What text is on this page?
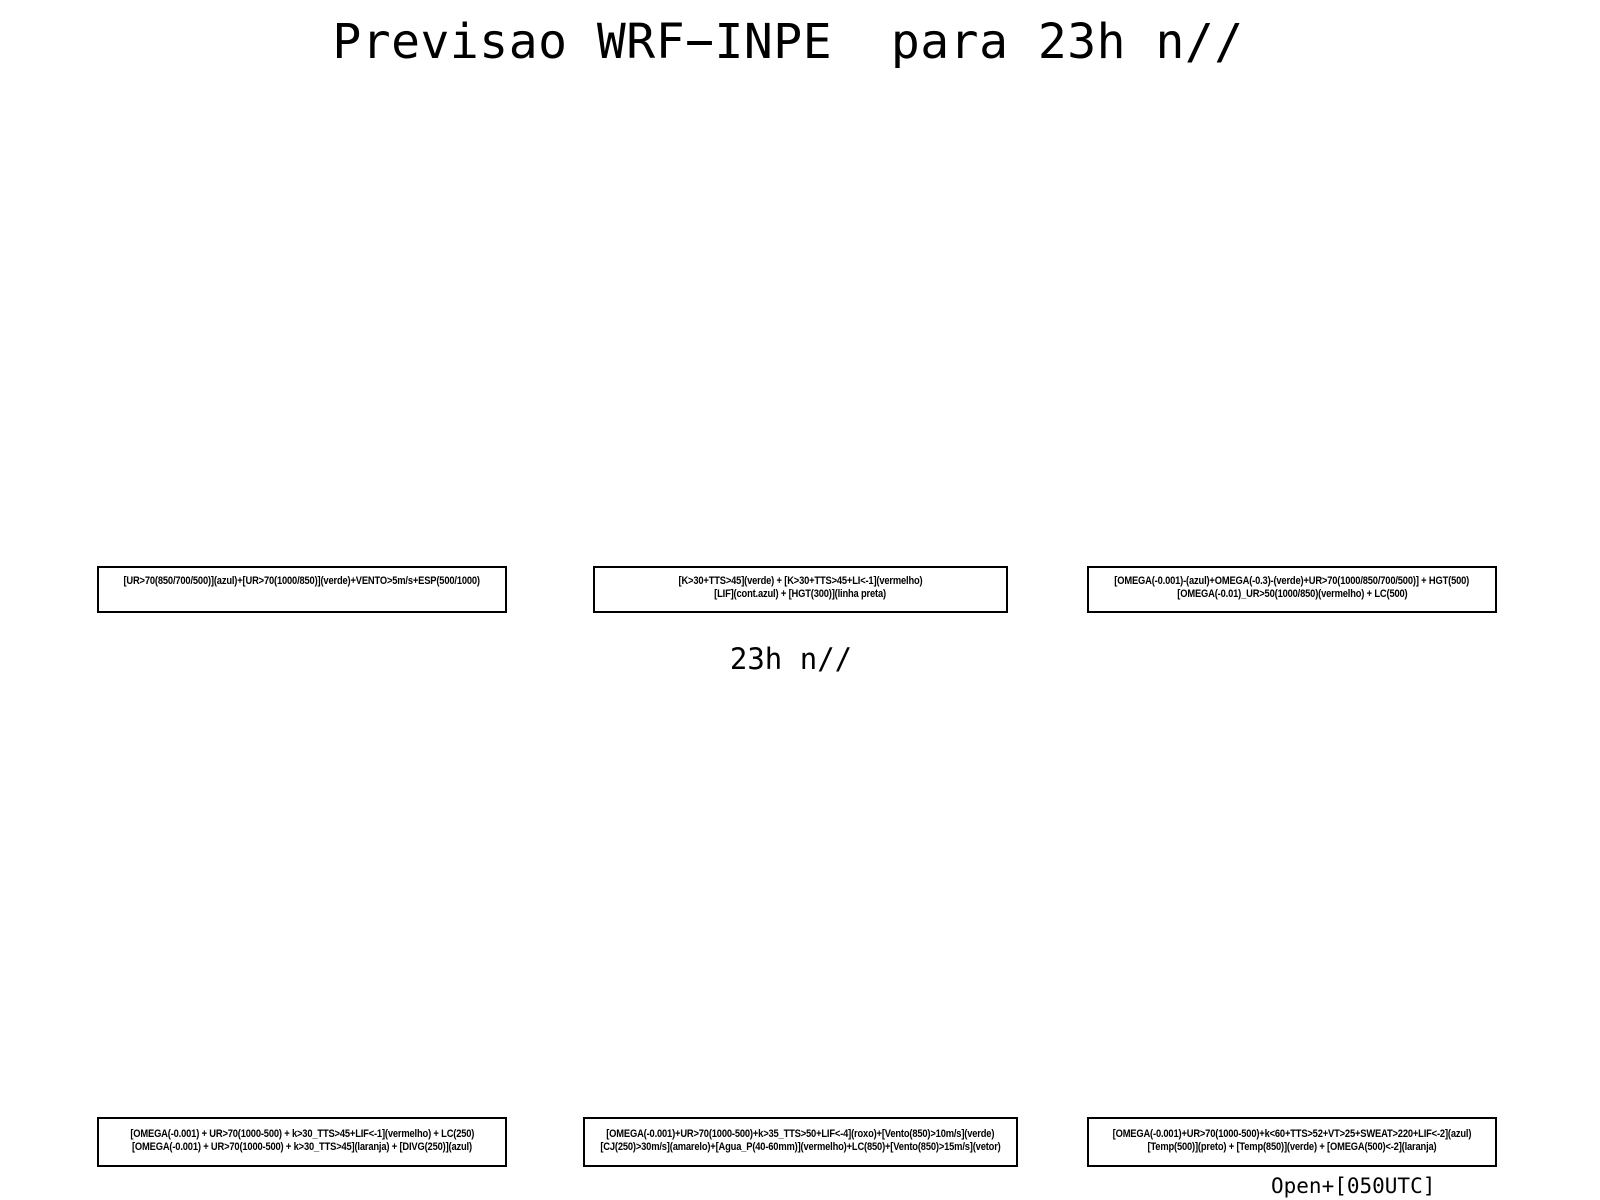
Previsao WRF−INPE  para 23h n//
[UR>70(850/700/500)](azul)+[UR>70(1000/850)](verde)+VENTO>5m/s+ESP(500/1000)	[K>30+TTS>45](verde) + [K>30+TTS>45+LI<-1](vermelho)
[LIF](cont.azul) + [HGT(300)](linha preta)
[OMEGA(-0.001)-(azul)+OMEGA(-0.3)-(verde)+UR>70(1000/850/700/500)] + HGT(500)
[OMEGA(-0.01)_UR>50(1000/850)(vermelho) + LC(500)
23h n//
[OMEGA(-0.001) + UR>70(1000-500) + k>30_TTS>45+LIF<-1](vermelho) + LC(250)
[OMEGA(-0.001) + UR>70(1000-500) + k>30_TTS>45](laranja) + [DIVG(250)](azul)
[OMEGA(-0.001)+UR>70(1000-500)+k>35_TTS>50+LIF<-4](roxo)+[Vento(850)>10m/s](verde)
[CJ(250)>30m/s](amarelo)+[Agua_P(40-60mm)](vermelho)+LC(850)+[Vento(850)>15m/s](vetor)
[OMEGA(-0.001)+UR>70(1000-500)+k<60+TTS>52+VT>25+SWEAT>220+LIF<-2](azul)
[Temp(500)](preto) + [Temp(850)](verde) + [OMEGA(500)<-2](laranja)
Open+[050UTC]
